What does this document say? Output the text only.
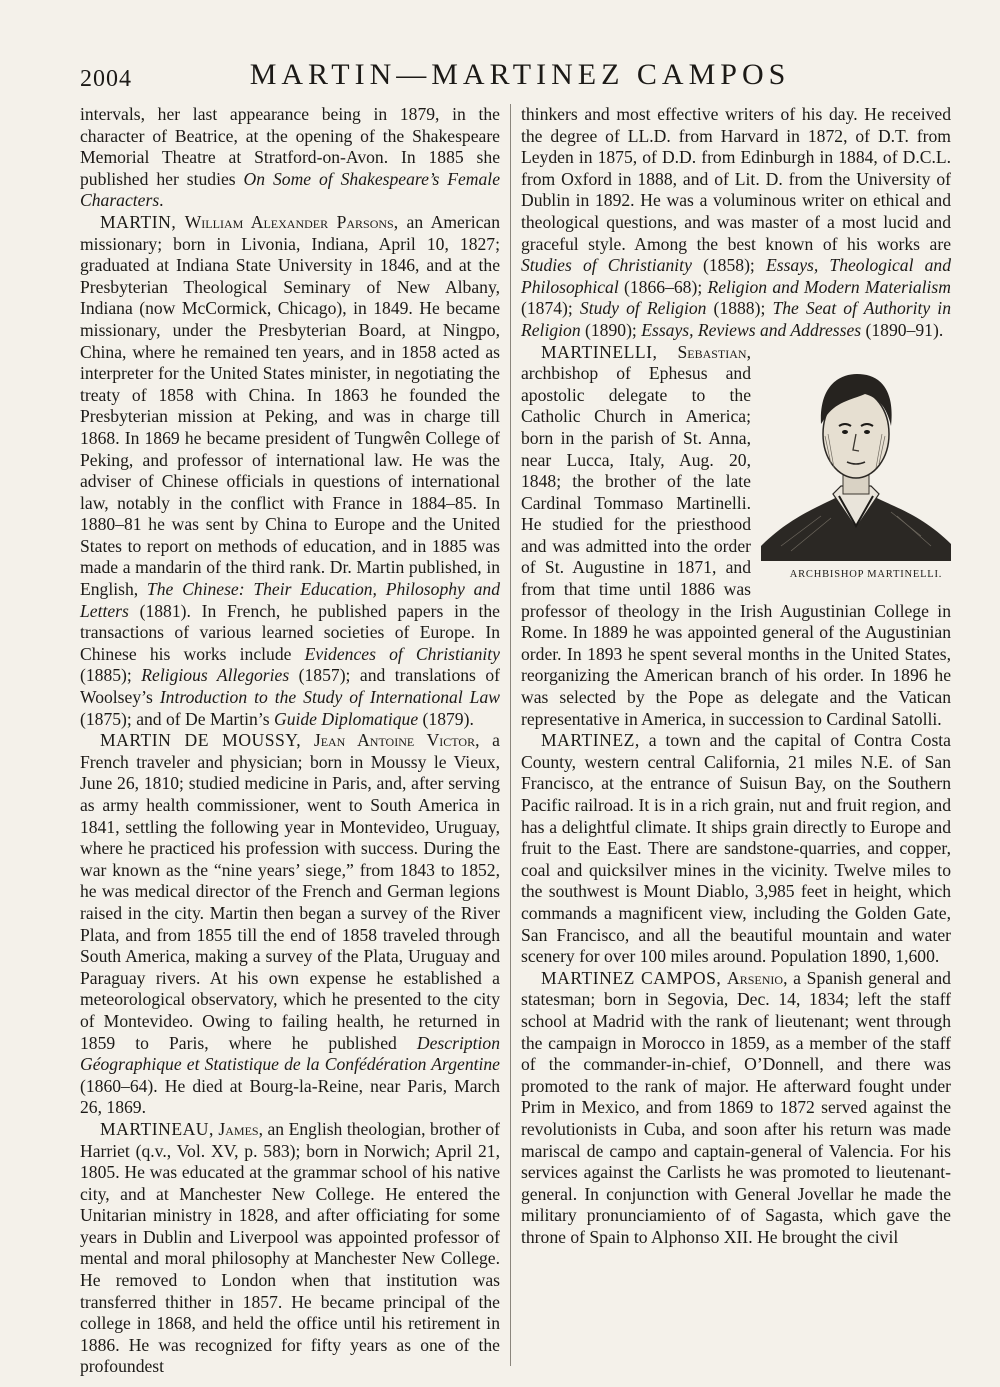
2004	MARTIN—MARTINEZ CAMPOS

intervals, her last appearance being in 1879, in the character of Beatrice, at the opening of the Shakespeare Memorial Theatre at Stratford-on-Avon. In 1885 she published her studies On Some of Shakespeare’s Female Characters.

MARTIN, William Alexander Parsons, an American missionary; born in Livonia, Indiana, April 10, 1827; graduated at Indiana State University in 1846, and at the Presbyterian Theological Seminary of New Albany, Indiana (now McCormick, Chicago), in 1849. He became missionary, under the Presbyterian Board, at Ningpo, China, where he remained ten years, and in 1858 acted as interpreter for the United States minister, in negotiating the treaty of 1858 with China. In 1863 he founded the Presbyterian mission at Peking, and was in charge till 1868. In 1869 he became president of Tungwên College of Peking, and professor of international law. He was the adviser of Chinese officials in questions of international law, notably in the conflict with France in 1884–85. In 1880–81 he was sent by China to Europe and the United States to report on methods of education, and in 1885 was made a mandarin of the third rank. Dr. Martin published, in English, The Chinese: Their Education, Philosophy and Letters (1881). In French, he published papers in the transactions of various learned societies of Europe. In Chinese his works include Evidences of Christianity (1885); Religious Allegories (1857); and translations of Woolsey’s Introduction to the Study of International Law (1875); and of De Martin’s Guide Diplomatique (1879).

MARTIN DE MOUSSY, Jean Antoine Victor, a French traveler and physician; born in Moussy le Vieux, June 26, 1810; studied medicine in Paris, and, after serving as army health commissioner, went to South America in 1841, settling the following year in Montevideo, Uruguay, where he practiced his profession with success. During the war known as the “nine years’ siege,” from 1843 to 1852, he was medical director of the French and German legions raised in the city. Martin then began a survey of the River Plata, and from 1855 till the end of 1858 traveled through South America, making a survey of the Plata, Uruguay and Paraguay rivers. At his own expense he established a meteorological observatory, which he presented to the city of Montevideo. Owing to failing health, he returned in 1859 to Paris, where he published Description Géographique et Statistique de la Confédération Argentine (1860–64). He died at Bourg-la-Reine, near Paris, March 26, 1869.

MARTINEAU, James, an English theologian, brother of Harriet (q.v., Vol. XV, p. 583); born in Norwich; April 21, 1805. He was educated at the grammar school of his native city, and at Manchester New College. He entered the Unitarian ministry in 1828, and after officiating for some years in Dublin and Liverpool was appointed professor of mental and moral philosophy at Manchester New College. He removed to London when that institution was transferred thither in 1857. He became principal of the college in 1868, and held the office until his retirement in 1886. He was recognized for fifty years as one of the profoundest

thinkers and most effective writers of his day. He received the degree of LL.D. from Harvard in 1872, of D.T. from Leyden in 1875, of D.D. from Edinburgh in 1884, of D.C.L. from Oxford in 1888, and of Lit. D. from the University of Dublin in 1892. He was a voluminous writer on ethical and theological questions, and was master of a most lucid and graceful style. Among the best known of his works are Studies of Christianity (1858); Essays, Theological and Philosophical (1866–68); Religion and Modern Materialism (1874); Study of Religion (1888); The Seat of Authority in Religion (1890); Essays, Reviews and Addresses (1890–91).

MARTINELLI, Sebastian
ARCHBISHOP MARTINELLI.
, archbishop of Ephesus and apostolic delegate to the Catholic Church in America; born in the parish of St. Anna, near Lucca, Italy, Aug. 20, 1848; the brother of the late Cardinal Tommaso Martinelli. He studied for the priesthood and was admitted into the order of St. Augustine in 1871, and from that time until 1886 was professor of theology in the Irish Augustinian College in Rome. In 1889 he was appointed general of the Augustinian order. In 1893 he spent several months in the United States, reorganizing the American branch of his order. In 1896 he was selected by the Pope as delegate and the Vatican representative in America, in succession to Cardinal Satolli.

MARTINEZ, a town and the capital of Contra Costa County, western central California, 21 miles N.E. of San Francisco, at the entrance of Suisun Bay, on the Southern Pacific railroad. It is in a rich grain, nut and fruit region, and has a delightful climate. It ships grain directly to Europe and fruit to the East. There are sandstone-quarries, and copper, coal and quicksilver mines in the vicinity. Twelve miles to the southwest is Mount Diablo, 3,985 feet in height, which commands a magnificent view, including the Golden Gate, San Francisco, and all the beautiful mountain and water scenery for over 100 miles around. Population 1890, 1,600.

MARTINEZ CAMPOS, Arsenio, a Spanish general and statesman; born in Segovia, Dec. 14, 1834; left the staff school at Madrid with the rank of lieutenant; went through the campaign in Morocco in 1859, as a member of the staff of the commander-in-chief, O’Donnell, and there was promoted to the rank of major. He afterward fought under Prim in Mexico, and from 1869 to 1872 served against the revolutionists in Cuba, and soon after his return was made mariscal de campo and captain-general of Valencia. For his services against the Carlists he was promoted to lieutenant-general. In conjunction with General Jovellar he made the military pronunciamiento of of Sagasta, which gave the throne of Spain to Alphonso XII. He brought the civil
